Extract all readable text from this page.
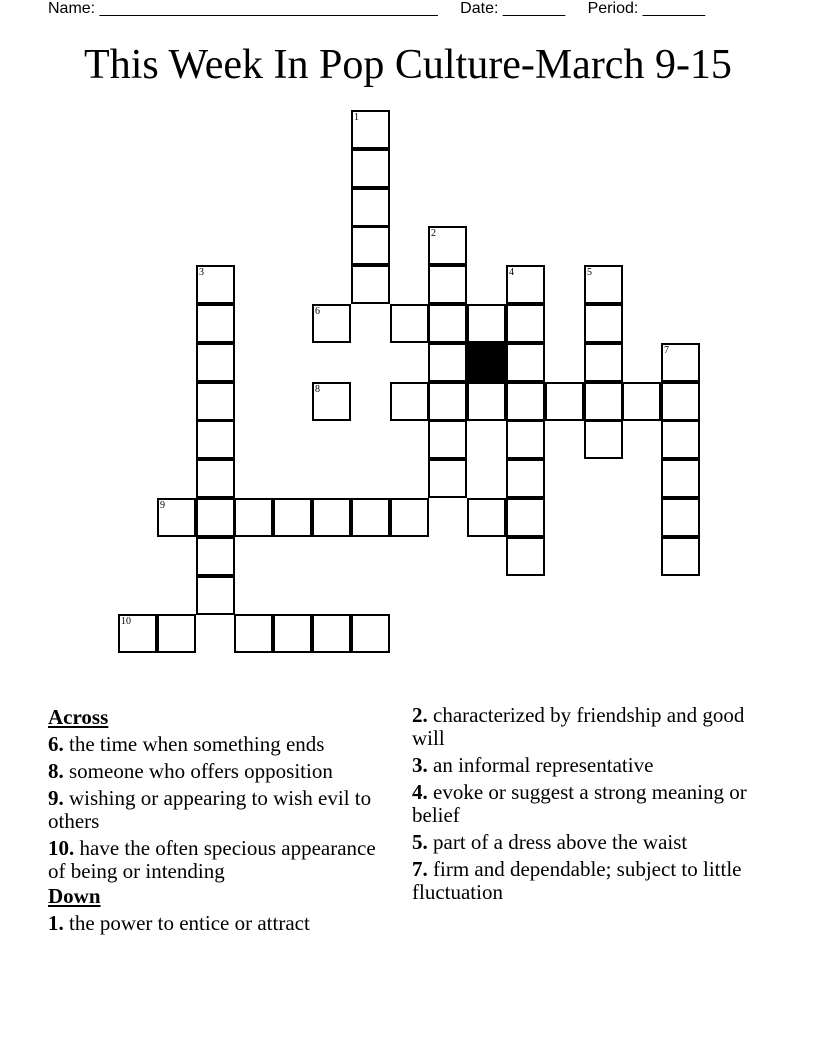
Name: ______________________________________ Date: _______ Period: _______
This Week In Pop Culture-March 9-15
1
2
3	4	5
6
7
8
9
10
Across
6. the time when something ends
8. someone who offers opposition
9. wishing or appearing to wish evil to others
10. have the often specious appearance of being or intending
Down
1. the power to entice or attract
2. characterized by friendship and good will
3. an informal representative
4. evoke or suggest a strong meaning or belief
5. part of a dress above the waist
7. firm and dependable; subject to little fluctuation
